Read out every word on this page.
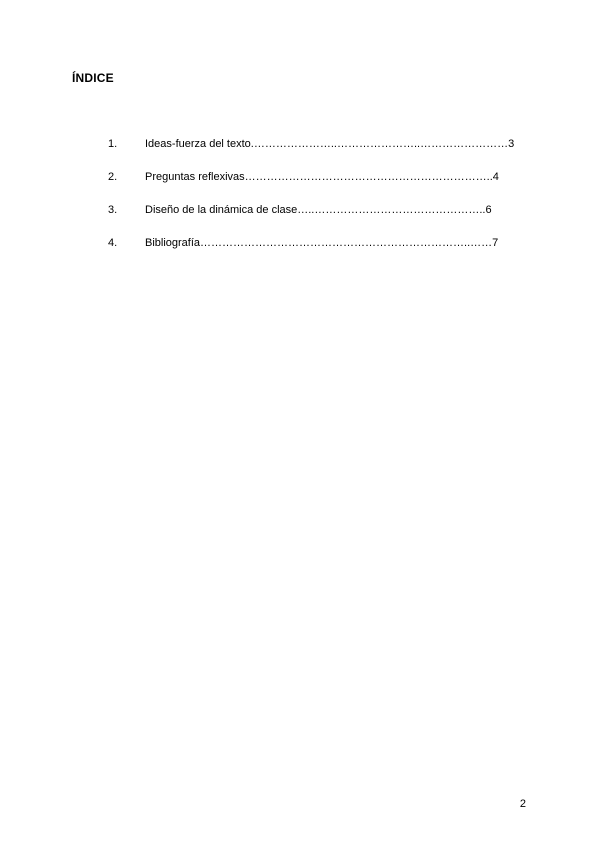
ÍNDICE
1.	Ideas-fuerza del texto.…………………..…………………..……………………3
2.	Preguntas reflexivas…………………………………………………………..4
3.	Diseño de la dinámica de clase…..………………………………………..6
4.	Bibliografía………………………………………………………………..……7
2
